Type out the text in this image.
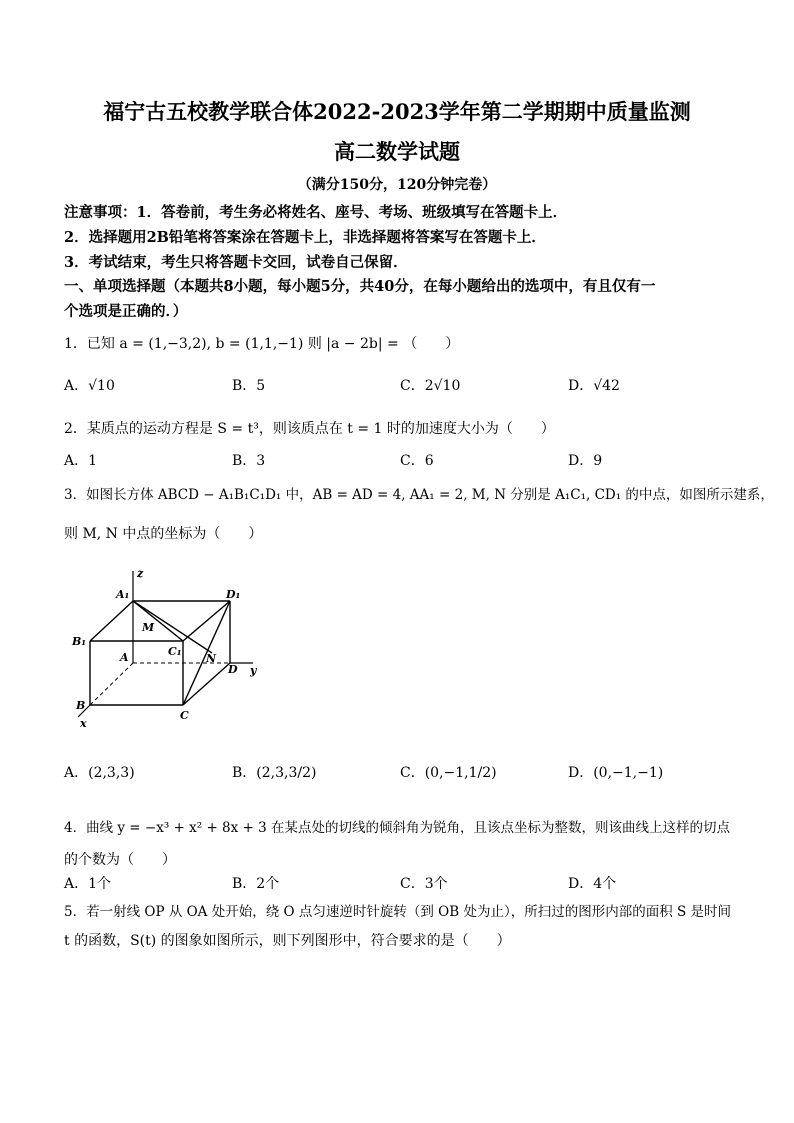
福宁古五校教学联合体2022-2023学年第二学期期中质量监测
高二数学试题
（满分150分，120分钟完卷）
注意事项：1．答卷前，考生务必将姓名、座号、考场、班级填写在答题卡上．
2．选择题用2B铅笔将答案涂在答题卡上，非选择题将答案写在答题卡上．
3．考试结束，考生只将答题卡交回，试卷自己保留．
一、单项选择题（本题共8小题，每小题5分，共40分，在每小题给出的选项中，有且仅有一
个选项是正确的．）
1．已知 a = (1,−3,2), b = (1,1,−1) 则 |a − 2b| = （　　）
A．√10	B．5	C．2√10	D．√42
2．某质点的运动方程是 S = t³，则该质点在 t = 1 时的加速度大小为（　　）
A．1	B．3	C．6	D．9
3．如图长方体 ABCD − A₁B₁C₁D₁ 中，AB = AD = 4, AA₁ = 2, M, N 分别是 A₁C₁, CD₁ 的中点，如图所示建系，
则 M, N 中点的坐标为（　　）
z
y
x
A₁	D₁
B₁
C₁
A
D
B
C
M
N
A．(2,3,3)	B．(2,3,3/2)	C．(0,−1,1/2)	D．(0,−1,−1)
4．曲线 y = −x³ + x² + 8x + 3 在某点处的切线的倾斜角为锐角，且该点坐标为整数，则该曲线上这样的切点
的个数为（　　）
A．1个	B．2个	C．3个	D．4个
5．若一射线 OP 从 OA 处开始，绕 O 点匀速逆时针旋转（到 OB 处为止），所扫过的图形内部的面积 S 是时间
t 的函数，S(t) 的图象如图所示，则下列图形中，符合要求的是（　　）
